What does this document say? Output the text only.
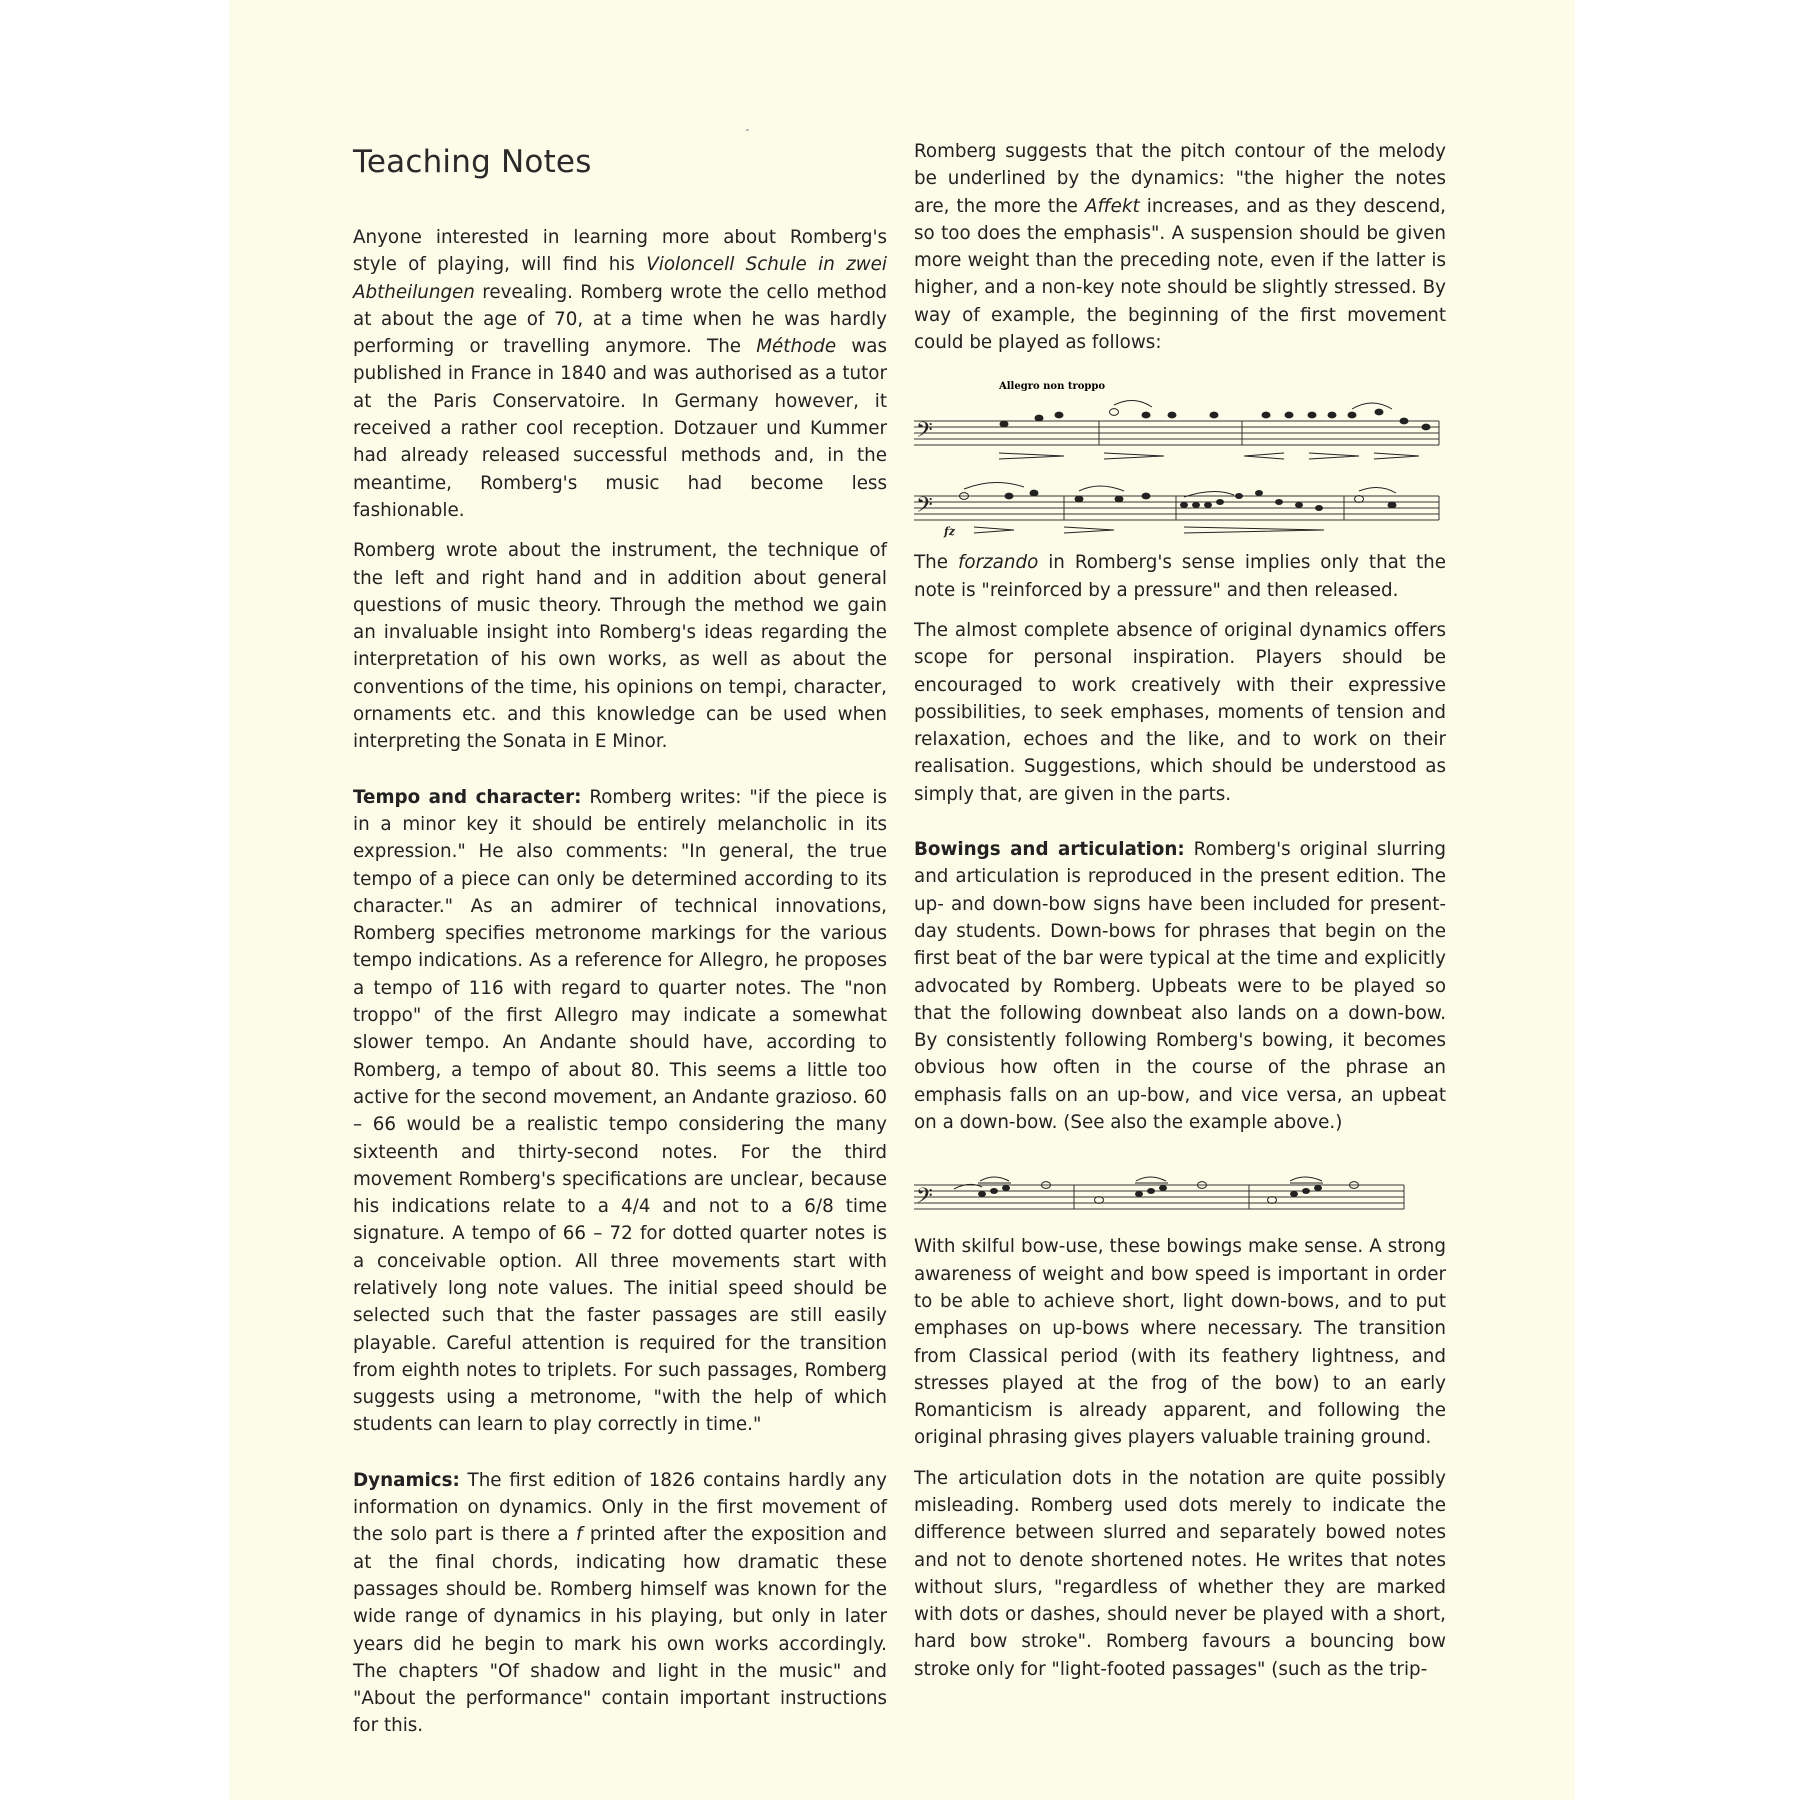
Teaching Notes

Anyone interested in learning more about Romberg's style of playing, will find his Violoncell Schule in zwei Abtheilungen revealing. Romberg wrote the cello method at about the age of 70, at a time when he was hardly performing or travelling anymore. The Méthode was published in France in 1840 and was authorised as a tutor at the Paris Conservatoire. In Germany however, it received a rather cool reception. Dotzauer und Kummer had already released successful methods and, in the meantime, Romberg's music had become less fashionable.

Romberg wrote about the instrument, the technique of the left and right hand and in addition about general questions of music theory. Through the method we gain an invaluable insight into Romberg's ideas regarding the interpretation of his own works, as well as about the conventions of the time, his opinions on tempi, character, ornaments etc. and this knowledge can be used when interpreting the Sonata in E Minor.

Tempo and character: Romberg writes: "if the piece is in a minor key it should be entirely melancholic in its expression." He also comments: "In general, the true tempo of a piece can only be determined according to its character." As an admirer of technical innovations, Romberg specifies metronome markings for the various tempo indications. As a reference for Allegro, he proposes a tempo of 116 with regard to quarter notes. The "non troppo" of the first Allegro may indicate a somewhat slower tempo. An Andante should have, according to Romberg, a tempo of about 80. This seems a little too active for the second movement, an Andante grazioso. 60 – 66 would be a realistic tempo considering the many sixteenth and thirty-second notes. For the third movement Romberg's specifications are unclear, because his indications relate to a 4/4 and not to a 6/8 time signature. A tempo of 66 – 72 for dotted quarter notes is a conceivable option. All three movements start with relatively long note values. The initial speed should be selected such that the faster passages are still easily playable. Careful attention is required for the transition from eighth notes to triplets. For such passages, Romberg suggests using a metronome, "with the help of which students can learn to play correctly in time."

Dynamics: The first edition of 1826 contains hardly any information on dynamics. Only in the first movement of the solo part is there a f printed after the exposition and at the final chords, indicating how dramatic these passages should be. Romberg himself was known for the wide range of dynamics in his playing, but only in later years did he begin to mark his own works accordingly. The chapters "Of shadow and light in the music" and "About the performance" contain important instructions for this.

Romberg suggests that the pitch contour of the melody be underlined by the dynamics: "the higher the notes are, the more the Affekt increases, and as they descend, so too does the emphasis". A suspension should be given more weight than the preceding note, even if the latter is higher, and a non-key note should be slightly stressed. By way of example, the beginning of the first movement could be played as follows:

Allegro non troppo
𝄢
𝄢
fz

The forzando in Romberg's sense implies only that the note is "reinforced by a pressure" and then released.

The almost complete absence of original dynamics offers scope for personal inspiration. Players should be encouraged to work creatively with their expressive possibilities, to seek emphases, moments of tension and relaxation, echoes and the like, and to work on their realisation. Suggestions, which should be understood as simply that, are given in the parts.

Bowings and articulation: Romberg's original slurring and articulation is reproduced in the present edition. The up- and down-bow signs have been included for present-day students. Down-bows for phrases that begin on the first beat of the bar were typical at the time and explicitly advocated by Romberg. Upbeats were to be played so that the following downbeat also lands on a down-bow. By consistently following Romberg's bowing, it becomes obvious how often in the course of the phrase an emphasis falls on an up-bow, and vice versa, an upbeat on a down-bow. (See also the example above.)

𝄢

With skilful bow-use, these bowings make sense. A strong awareness of weight and bow speed is important in order to be able to achieve short, light down-bows, and to put emphases on up-bows where necessary. The transition from Classical period (with its feathery lightness, and stresses played at the frog of the bow) to an early Romanticism is already apparent, and following the original phrasing gives players valuable training ground.

The articulation dots in the notation are quite possibly misleading. Romberg used dots merely to indicate the difference between slurred and separately bowed notes and not to denote shortened notes. He writes that notes without slurs, "regardless of whether they are marked with dots or dashes, should never be played with a short, hard bow stroke". Romberg favours a bouncing bow stroke only for "light-footed passages" (such as the trip-
